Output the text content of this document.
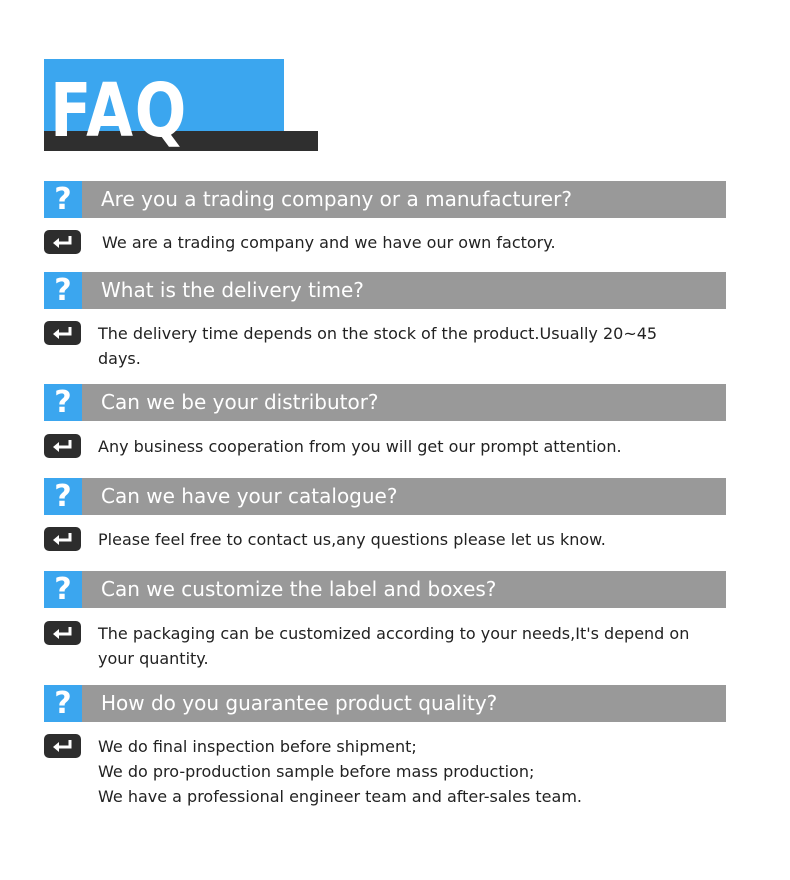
FAQ
?	Are you a trading company or a manufacturer?
We are a trading company and we have our own factory.
?	What is the delivery time?
The delivery time depends on the stock of the product.Usually 20~45
days.
?	Can we be your distributor?
Any business cooperation from you will get our prompt attention.
?	Can we have your catalogue?
Please feel free to contact us,any questions please let us know.
?	Can we customize the label and boxes?
The packaging can be customized according to your needs,It's depend on
your quantity.
?	How do you guarantee product quality?
We do final inspection before shipment;
We do pro-production sample before mass production;
We have a professional engineer team and after-sales team.
